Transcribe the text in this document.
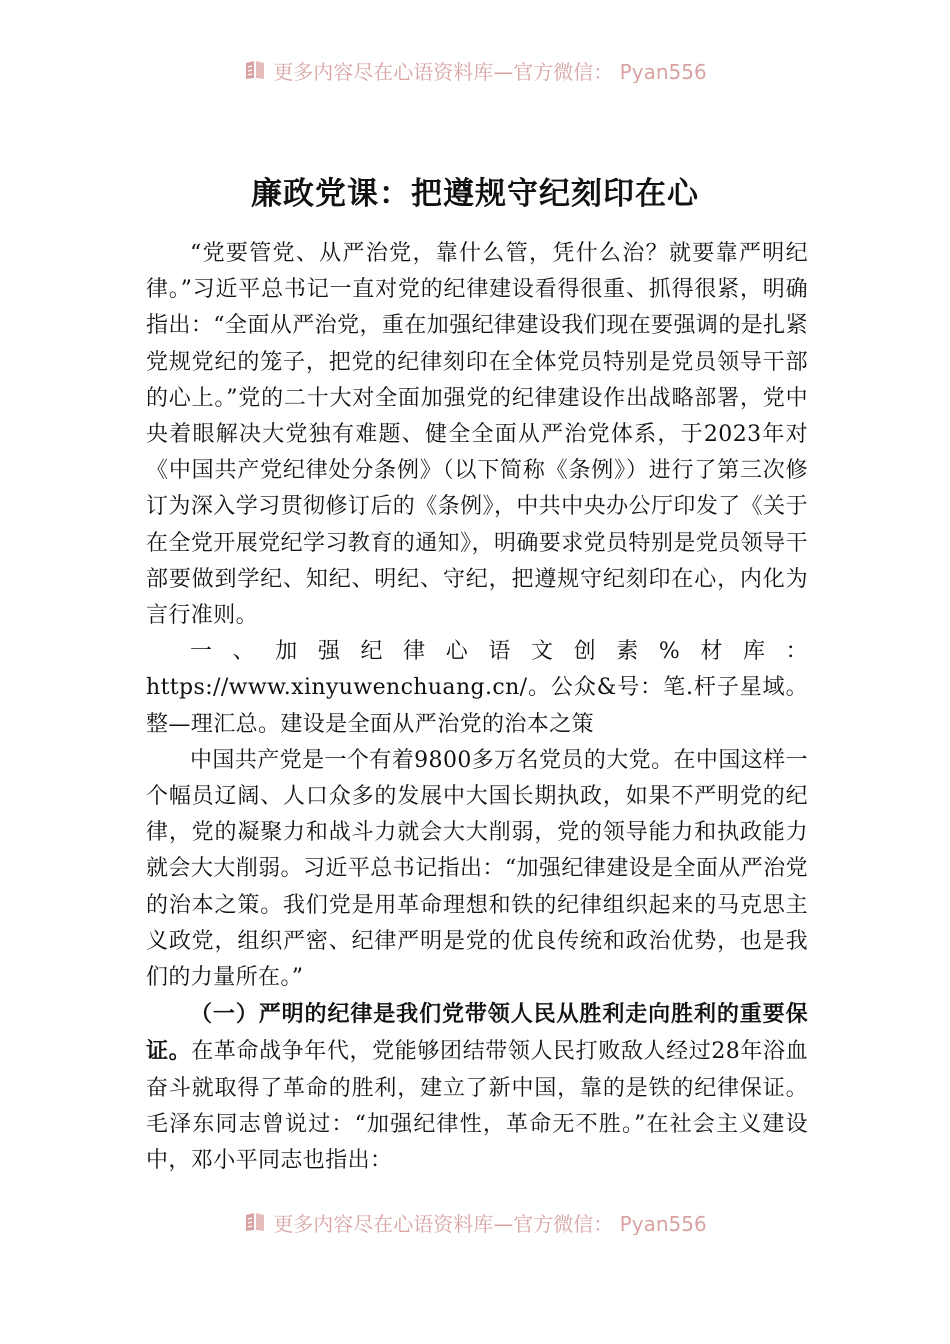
更多内容尽在心语资料库—官方微信： Pyan556
廉政党课：把遵规守纪刻印在心

“党要管党、从严治党，靠什么管，凭什么治？就要靠严明纪律。”习近平总书记一直对党的纪律建设看得很重、抓得很紧，明确指出：“全面从严治党，重在加强纪律建设我们现在要强调的是扎紧党规党纪的笼子，把党的纪律刻印在全体党员特别是党员领导干部的心上。”党的二十大对全面加强党的纪律建设作出战略部署，党中央着眼解决大党独有难题、健全全面从严治党体系，于2023年对《中国共产党纪律处分条例》（以下简称《条例》）进行了第三次修订为深入学习贯彻修订后的《条例》，中共中央办公厅印发了《关于在全党开展党纪学习教育的通知》，明确要求党员特别是党员领导干部要做到学纪、知纪、明纪、守纪，把遵规守纪刻印在心，内化为言行准则。

一、加强纪律心语文创素%材库：https://www.xinyuwenchuang.cn/。公众&号：笔.杆子星域。整—理汇总。建设是全面从严治党的治本之策

中国共产党是一个有着9800多万名党员的大党。在中国这样一个幅员辽阔、人口众多的发展中大国长期执政，如果不严明党的纪律，党的凝聚力和战斗力就会大大削弱，党的领导能力和执政能力就会大大削弱。习近平总书记指出：“加强纪律建设是全面从严治党的治本之策。我们党是用革命理想和铁的纪律组织起来的马克思主义政党，组织严密、纪律严明是党的优良传统和政治优势，也是我们的力量所在。”

（一）严明的纪律是我们党带领人民从胜利走向胜利的重要保证。在革命战争年代，党能够团结带领人民打败敌人经过28年浴血奋斗就取得了革命的胜利，建立了新中国，靠的是铁的纪律保证。毛泽东同志曾说过：“加强纪律性，革命无不胜。”在社会主义建设中，邓小平同志也指出：

更多内容尽在心语资料库—官方微信： Pyan556
